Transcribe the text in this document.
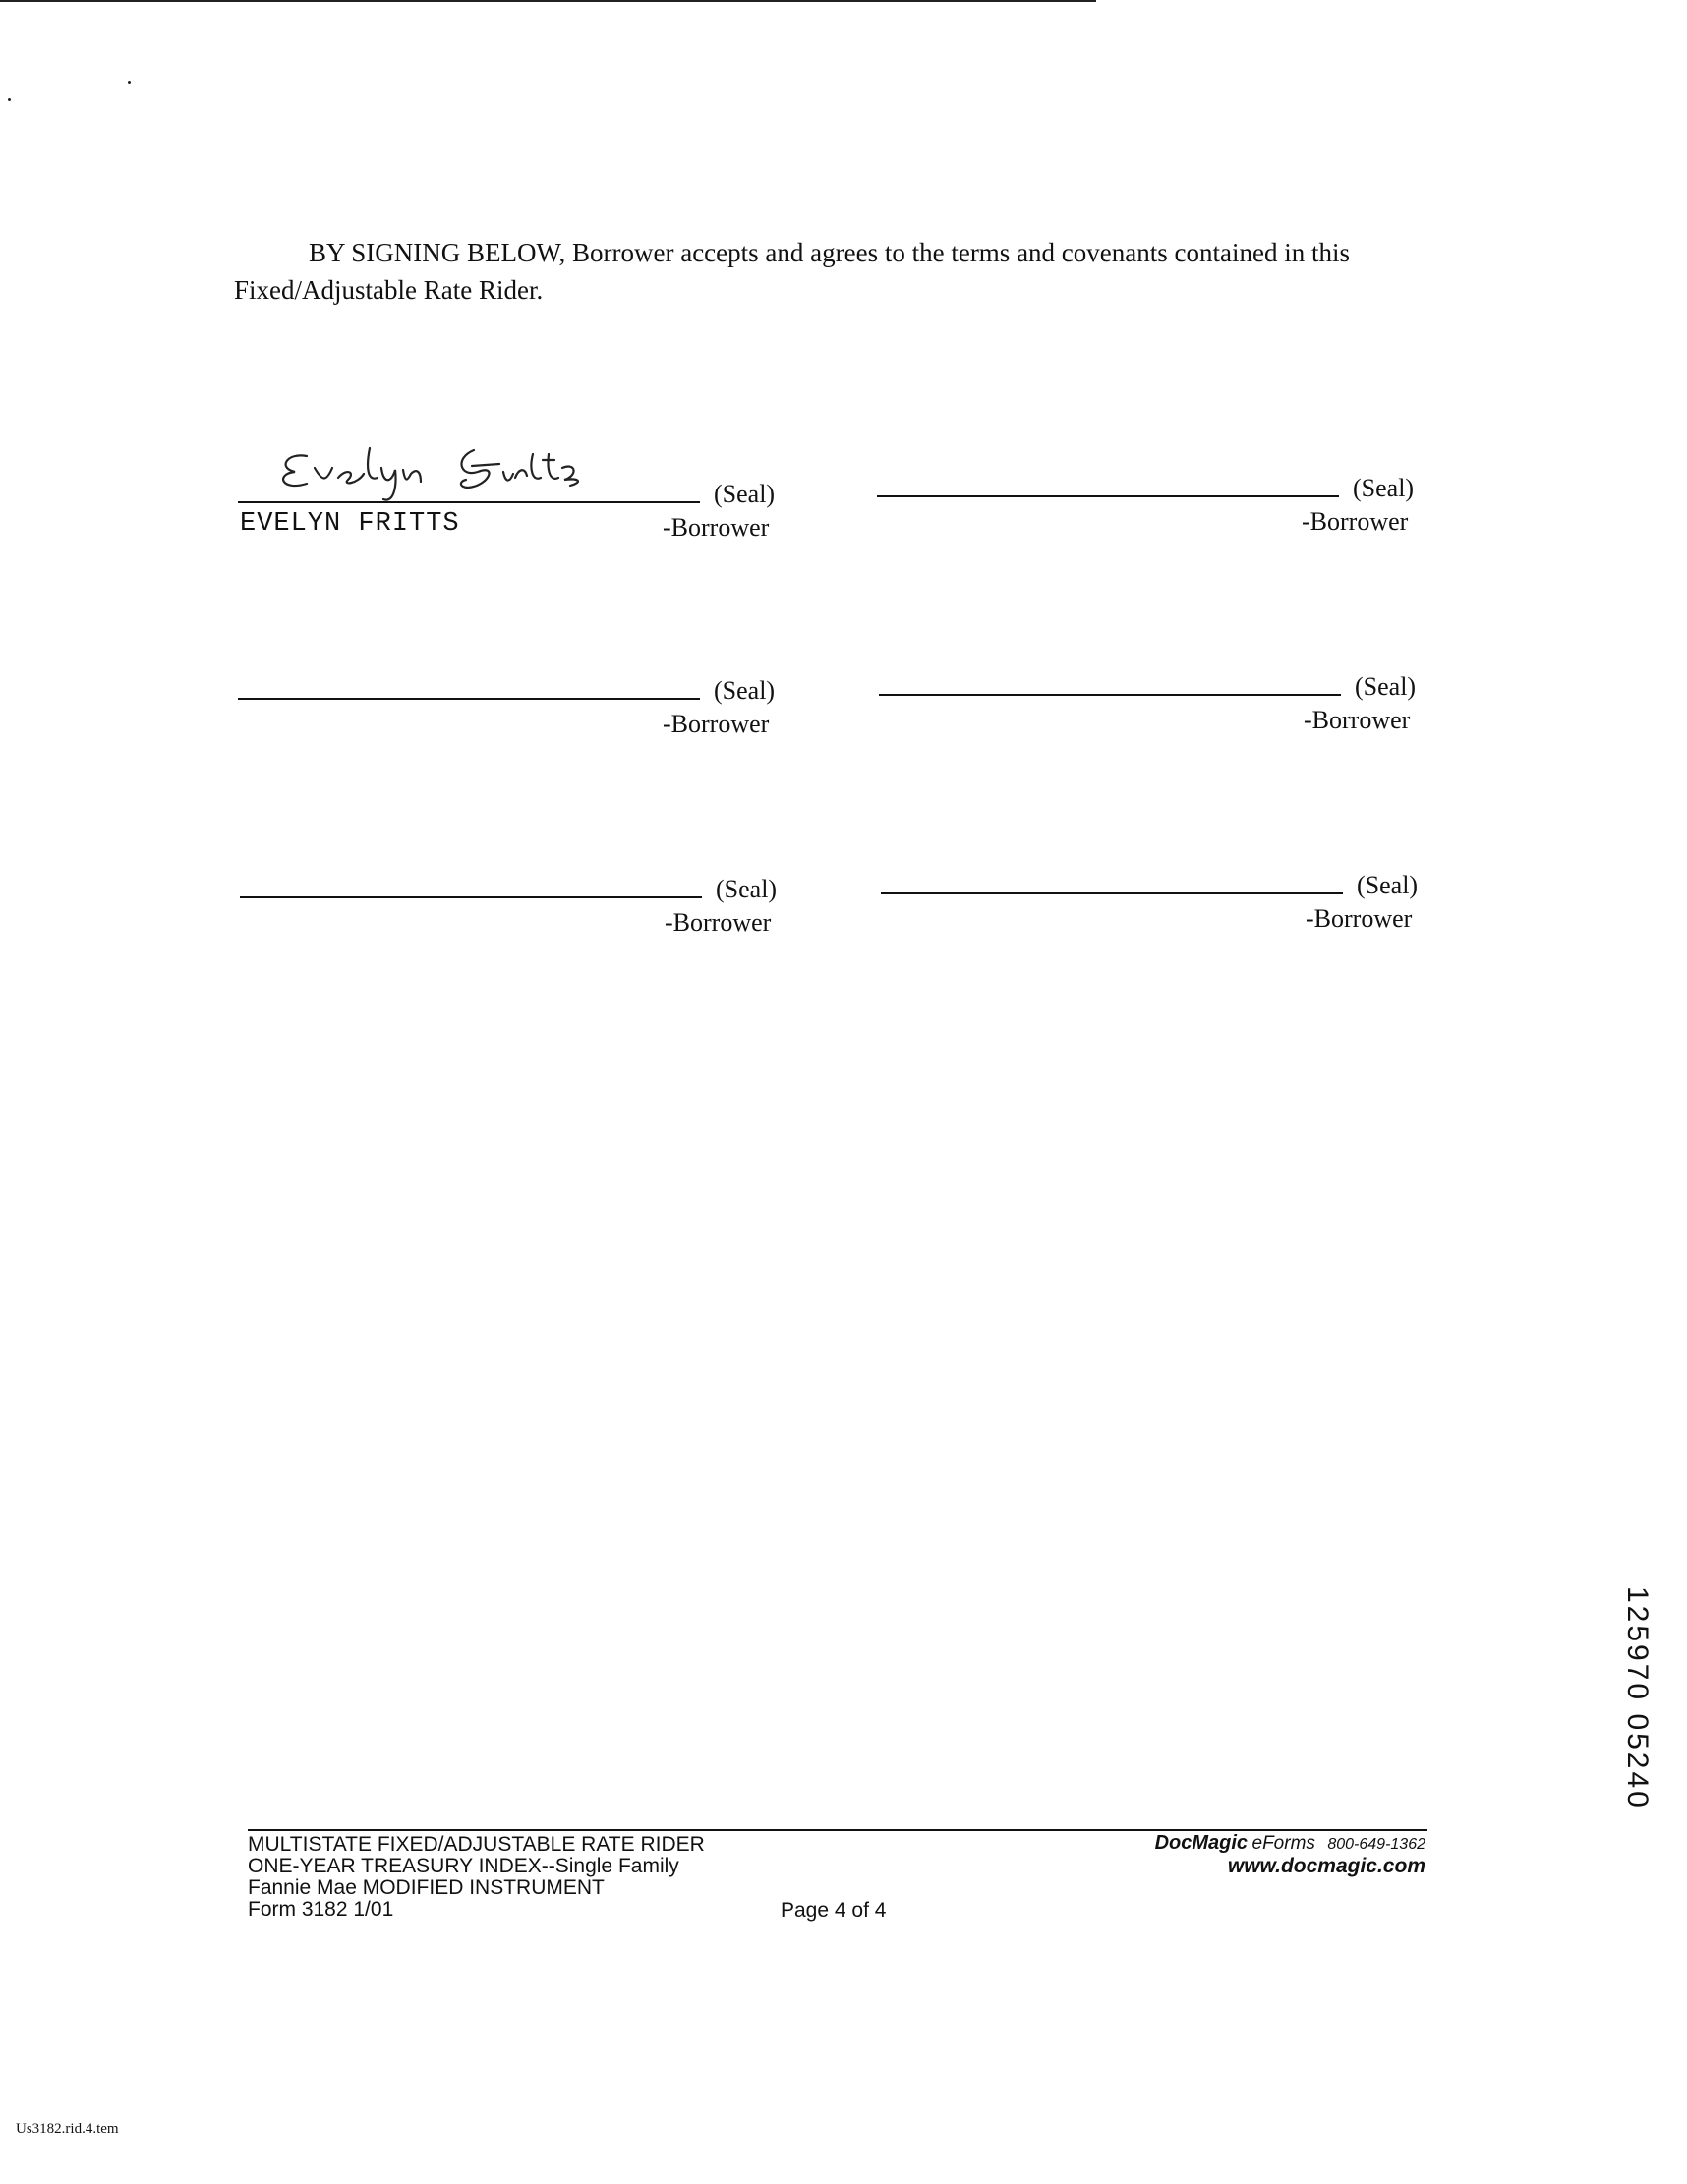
BY SIGNING BELOW, Borrower accepts and agrees to the terms and covenants contained in this Fixed/Adjustable Rate Rider.

(Seal)
EVELYN FRITTS	-Borrower
(Seal)
-Borrower
(Seal)
-Borrower
(Seal)
-Borrower
(Seal)
-Borrower
(Seal)
-Borrower
MULTISTATE FIXED/ADJUSTABLE RATE RIDER
ONE-YEAR TREASURY INDEX--Single Family
Fannie Mae MODIFIED INSTRUMENT
Form 3182 1/01	Page 4 of 4
DocMagic eForms 800-649-1362
www.docmagic.com
125970 05240
Us3182.rid.4.tem
